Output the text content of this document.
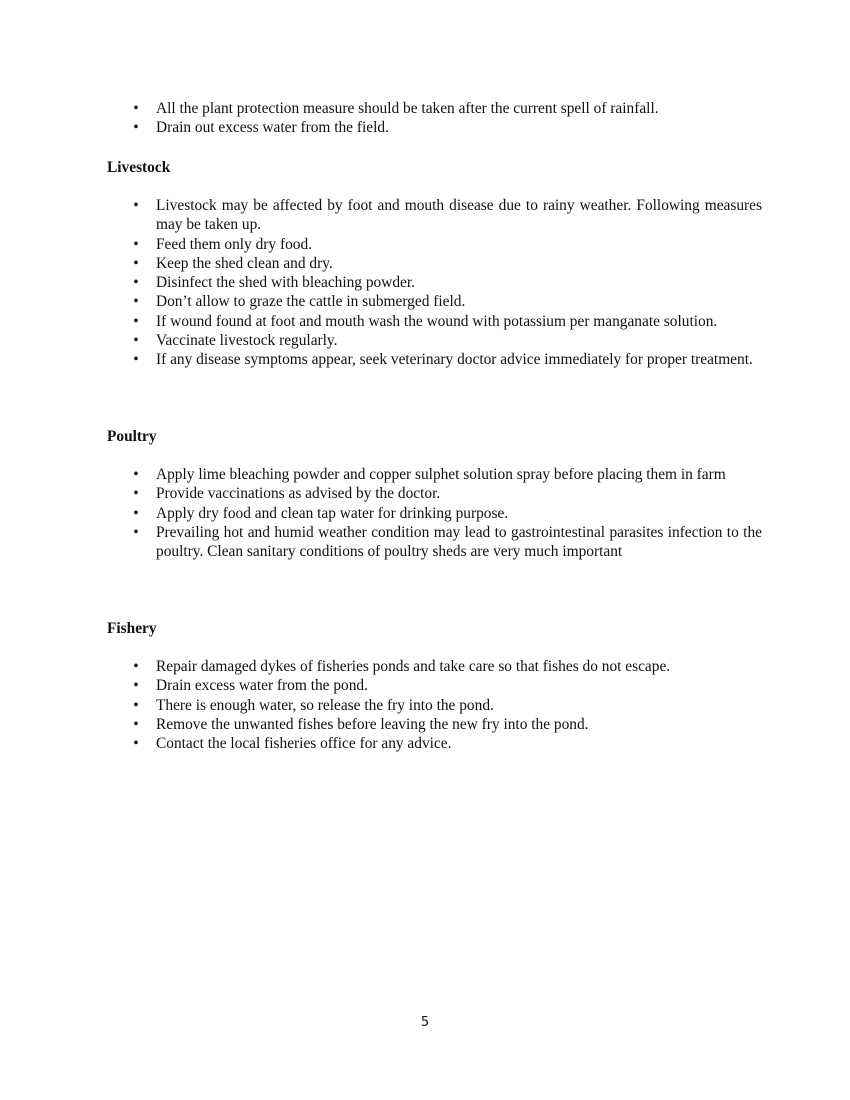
• All the plant protection measure should be taken after the current spell of rainfall.
• Drain out excess water from the field.
Livestock
• Livestock may be affected by foot and mouth disease due to rainy weather. Following measures may be taken up.
• Feed them only dry food.
• Keep the shed clean and dry.
• Disinfect the shed with bleaching powder.
• Don’t allow to graze the cattle in submerged field.
• If wound found at foot and mouth wash the wound with potassium per manganate solution.
• Vaccinate livestock regularly.
• If any disease symptoms appear, seek veterinary doctor advice immediately for proper treatment.
Poultry
• Apply lime bleaching powder and copper sulphet solution spray before placing them in farm
• Provide vaccinations as advised by the doctor.
• Apply dry food and clean tap water for drinking purpose.
• Prevailing hot and humid weather condition may lead to gastrointestinal parasites infection to the poultry. Clean sanitary conditions of poultry sheds are very much important
Fishery
• Repair damaged dykes of fisheries ponds and take care so that fishes do not escape.
• Drain excess water from the pond.
• There is enough water, so release the fry into the pond.
• Remove the unwanted fishes before leaving the new fry into the pond.
• Contact the local fisheries office for any advice.
5
